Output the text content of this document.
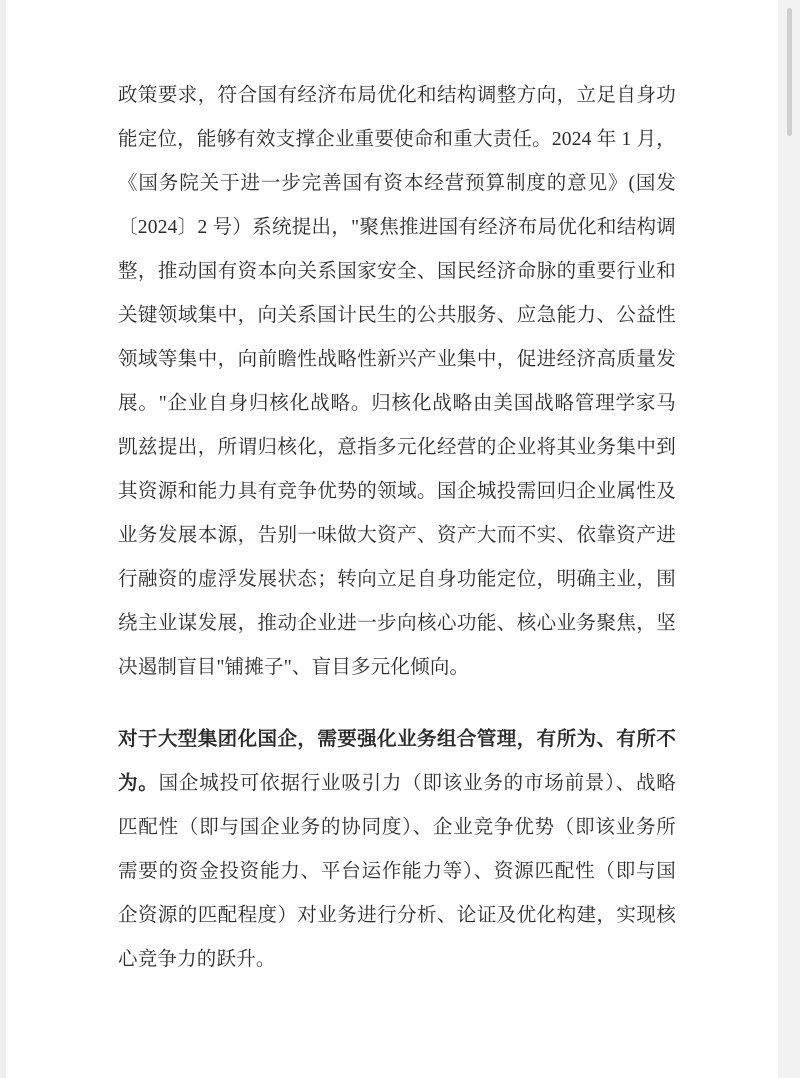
政策要求，符合国有经济布局优化和结构调整方向，立足自身功能定位，能够有效支撑企业重要使命和重大责任。2024 年 1 月，《国务院关于进一步完善国有资本经营预算制度的意见》(国发〔2024〕2 号）系统提出，"聚焦推进国有经济布局优化和结构调整，推动国有资本向关系国家安全、国民经济命脉的重要行业和关键领域集中，向关系国计民生的公共服务、应急能力、公益性领域等集中，向前瞻性战略性新兴产业集中，促进经济高质量发展。"企业自身归核化战略。归核化战略由美国战略管理学家马凯兹提出，所谓归核化，意指多元化经营的企业将其业务集中到其资源和能力具有竞争优势的领域。国企城投需回归企业属性及业务发展本源，告别一味做大资产、资产大而不实、依靠资产进行融资的虚浮发展状态；转向立足自身功能定位，明确主业，围绕主业谋发展，推动企业进一步向核心功能、核心业务聚焦，坚决遏制盲目"铺摊子"、盲目多元化倾向。

对于大型集团化国企，需要强化业务组合管理，有所为、有所不为。国企城投可依据行业吸引力（即该业务的市场前景）、战略匹配性（即与国企业务的协同度）、企业竞争优势（即该业务所需要的资金投资能力、平台运作能力等）、资源匹配性（即与国企资源的匹配程度）对业务进行分析、论证及优化构建，实现核心竞争力的跃升。
